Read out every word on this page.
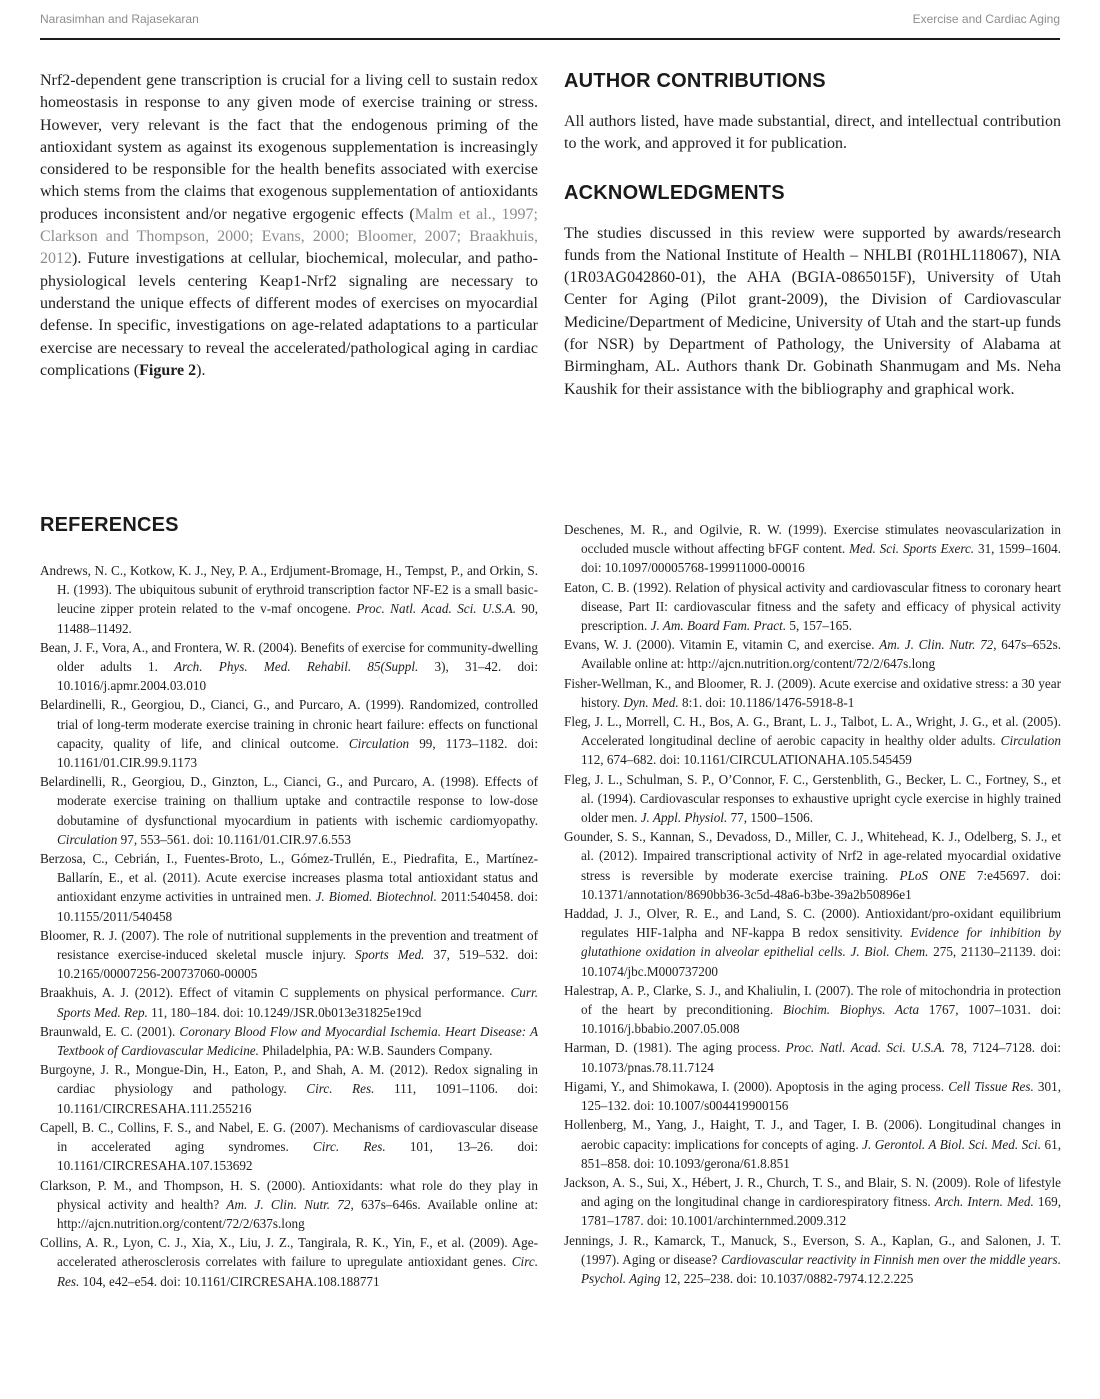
Narasimhan and Rajasekaran	Exercise and Cardiac Aging

Nrf2-dependent gene transcription is crucial for a living cell to sustain redox homeostasis in response to any given mode of exercise training or stress. However, very relevant is the fact that the endogenous priming of the antioxidant system as against its exogenous supplementation is increasingly considered to be responsible for the health benefits associated with exercise which stems from the claims that exogenous supplementation of antioxidants produces inconsistent and/or negative ergogenic effects (Malm et al., 1997; Clarkson and Thompson, 2000; Evans, 2000; Bloomer, 2007; Braakhuis, 2012). Future investigations at cellular, biochemical, molecular, and patho-physiological levels centering Keap1-Nrf2 signaling are necessary to understand the unique effects of different modes of exercises on myocardial defense. In specific, investigations on age-related adaptations to a particular exercise are necessary to reveal the accelerated/pathological aging in cardiac complications (Figure 2).

AUTHOR CONTRIBUTIONS

All authors listed, have made substantial, direct, and intellectual contribution to the work, and approved it for publication.

ACKNOWLEDGMENTS

The studies discussed in this review were supported by awards/research funds from the National Institute of Health – NHLBI (R01HL118067), NIA (1R03AG042860-01), the AHA (BGIA-0865015F), University of Utah Center for Aging (Pilot grant-2009), the Division of Cardiovascular Medicine/Department of Medicine, University of Utah and the start-up funds (for NSR) by Department of Pathology, the University of Alabama at Birmingham, AL. Authors thank Dr. Gobinath Shanmugam and Ms. Neha Kaushik for their assistance with the bibliography and graphical work.

REFERENCES

Andrews, N. C., Kotkow, K. J., Ney, P. A., Erdjument-Bromage, H., Tempst, P., and Orkin, S. H. (1993). The ubiquitous subunit of erythroid transcription factor NF-E2 is a small basic-leucine zipper protein related to the v-maf oncogene. Proc. Natl. Acad. Sci. U.S.A. 90, 11488–11492.

Bean, J. F., Vora, A., and Frontera, W. R. (2004). Benefits of exercise for community-dwelling older adults 1. Arch. Phys. Med. Rehabil. 85(Suppl. 3), 31–42. doi: 10.1016/j.apmr.2004.03.010

Belardinelli, R., Georgiou, D., Cianci, G., and Purcaro, A. (1999). Randomized, controlled trial of long-term moderate exercise training in chronic heart failure: effects on functional capacity, quality of life, and clinical outcome. Circulation 99, 1173–1182. doi: 10.1161/01.CIR.99.9.1173

Belardinelli, R., Georgiou, D., Ginzton, L., Cianci, G., and Purcaro, A. (1998). Effects of moderate exercise training on thallium uptake and contractile response to low-dose dobutamine of dysfunctional myocardium in patients with ischemic cardiomyopathy. Circulation 97, 553–561. doi: 10.1161/01.CIR.97.6.553

Berzosa, C., Cebrián, I., Fuentes-Broto, L., Gómez-Trullén, E., Piedrafita, E., Martínez-Ballarín, E., et al. (2011). Acute exercise increases plasma total antioxidant status and antioxidant enzyme activities in untrained men. J. Biomed. Biotechnol. 2011:540458. doi: 10.1155/2011/540458

Bloomer, R. J. (2007). The role of nutritional supplements in the prevention and treatment of resistance exercise-induced skeletal muscle injury. Sports Med. 37, 519–532. doi: 10.2165/00007256-200737060-00005

Braakhuis, A. J. (2012). Effect of vitamin C supplements on physical performance. Curr. Sports Med. Rep. 11, 180–184. doi: 10.1249/JSR.0b013e31825e19cd

Braunwald, E. C. (2001). Coronary Blood Flow and Myocardial Ischemia. Heart Disease: A Textbook of Cardiovascular Medicine. Philadelphia, PA: W.B. Saunders Company.

Burgoyne, J. R., Mongue-Din, H., Eaton, P., and Shah, A. M. (2012). Redox signaling in cardiac physiology and pathology. Circ. Res. 111, 1091–1106. doi: 10.1161/CIRCRESAHA.111.255216

Capell, B. C., Collins, F. S., and Nabel, E. G. (2007). Mechanisms of cardiovascular disease in accelerated aging syndromes. Circ. Res. 101, 13–26. doi: 10.1161/CIRCRESAHA.107.153692

Clarkson, P. M., and Thompson, H. S. (2000). Antioxidants: what role do they play in physical activity and health? Am. J. Clin. Nutr. 72, 637s–646s. Available online at: http://ajcn.nutrition.org/content/72/2/637s.long

Collins, A. R., Lyon, C. J., Xia, X., Liu, J. Z., Tangirala, R. K., Yin, F., et al. (2009). Age-accelerated atherosclerosis correlates with failure to upregulate antioxidant genes. Circ. Res. 104, e42–e54. doi: 10.1161/CIRCRESAHA.108.188771

Deschenes, M. R., and Ogilvie, R. W. (1999). Exercise stimulates neovascularization in occluded muscle without affecting bFGF content. Med. Sci. Sports Exerc. 31, 1599–1604. doi: 10.1097/00005768-199911000-00016

Eaton, C. B. (1992). Relation of physical activity and cardiovascular fitness to coronary heart disease, Part II: cardiovascular fitness and the safety and efficacy of physical activity prescription. J. Am. Board Fam. Pract. 5, 157–165.

Evans, W. J. (2000). Vitamin E, vitamin C, and exercise. Am. J. Clin. Nutr. 72, 647s–652s. Available online at: http://ajcn.nutrition.org/content/72/2/647s.long

Fisher-Wellman, K., and Bloomer, R. J. (2009). Acute exercise and oxidative stress: a 30 year history. Dyn. Med. 8:1. doi: 10.1186/1476-5918-8-1

Fleg, J. L., Morrell, C. H., Bos, A. G., Brant, L. J., Talbot, L. A., Wright, J. G., et al. (2005). Accelerated longitudinal decline of aerobic capacity in healthy older adults. Circulation 112, 674–682. doi: 10.1161/CIRCULATIONAHA.105.545459

Fleg, J. L., Schulman, S. P., O’Connor, F. C., Gerstenblith, G., Becker, L. C., Fortney, S., et al. (1994). Cardiovascular responses to exhaustive upright cycle exercise in highly trained older men. J. Appl. Physiol. 77, 1500–1506.

Gounder, S. S., Kannan, S., Devadoss, D., Miller, C. J., Whitehead, K. J., Odelberg, S. J., et al. (2012). Impaired transcriptional activity of Nrf2 in age-related myocardial oxidative stress is reversible by moderate exercise training. PLoS ONE 7:e45697. doi: 10.1371/annotation/8690bb36-3c5d-48a6-b3be-39a2b50896e1

Haddad, J. J., Olver, R. E., and Land, S. C. (2000). Antioxidant/pro-oxidant equilibrium regulates HIF-1alpha and NF-kappa B redox sensitivity. Evidence for inhibition by glutathione oxidation in alveolar epithelial cells. J. Biol. Chem. 275, 21130–21139. doi: 10.1074/jbc.M000737200

Halestrap, A. P., Clarke, S. J., and Khaliulin, I. (2007). The role of mitochondria in protection of the heart by preconditioning. Biochim. Biophys. Acta 1767, 1007–1031. doi: 10.1016/j.bbabio.2007.05.008

Harman, D. (1981). The aging process. Proc. Natl. Acad. Sci. U.S.A. 78, 7124–7128. doi: 10.1073/pnas.78.11.7124

Higami, Y., and Shimokawa, I. (2000). Apoptosis in the aging process. Cell Tissue Res. 301, 125–132. doi: 10.1007/s004419900156

Hollenberg, M., Yang, J., Haight, T. J., and Tager, I. B. (2006). Longitudinal changes in aerobic capacity: implications for concepts of aging. J. Gerontol. A Biol. Sci. Med. Sci. 61, 851–858. doi: 10.1093/gerona/61.8.851

Jackson, A. S., Sui, X., Hébert, J. R., Church, T. S., and Blair, S. N. (2009). Role of lifestyle and aging on the longitudinal change in cardiorespiratory fitness. Arch. Intern. Med. 169, 1781–1787. doi: 10.1001/archinternmed.2009.312

Jennings, J. R., Kamarck, T., Manuck, S., Everson, S. A., Kaplan, G., and Salonen, J. T. (1997). Aging or disease? Cardiovascular reactivity in Finnish men over the middle years. Psychol. Aging 12, 225–238. doi: 10.1037/0882-7974.12.2.225
